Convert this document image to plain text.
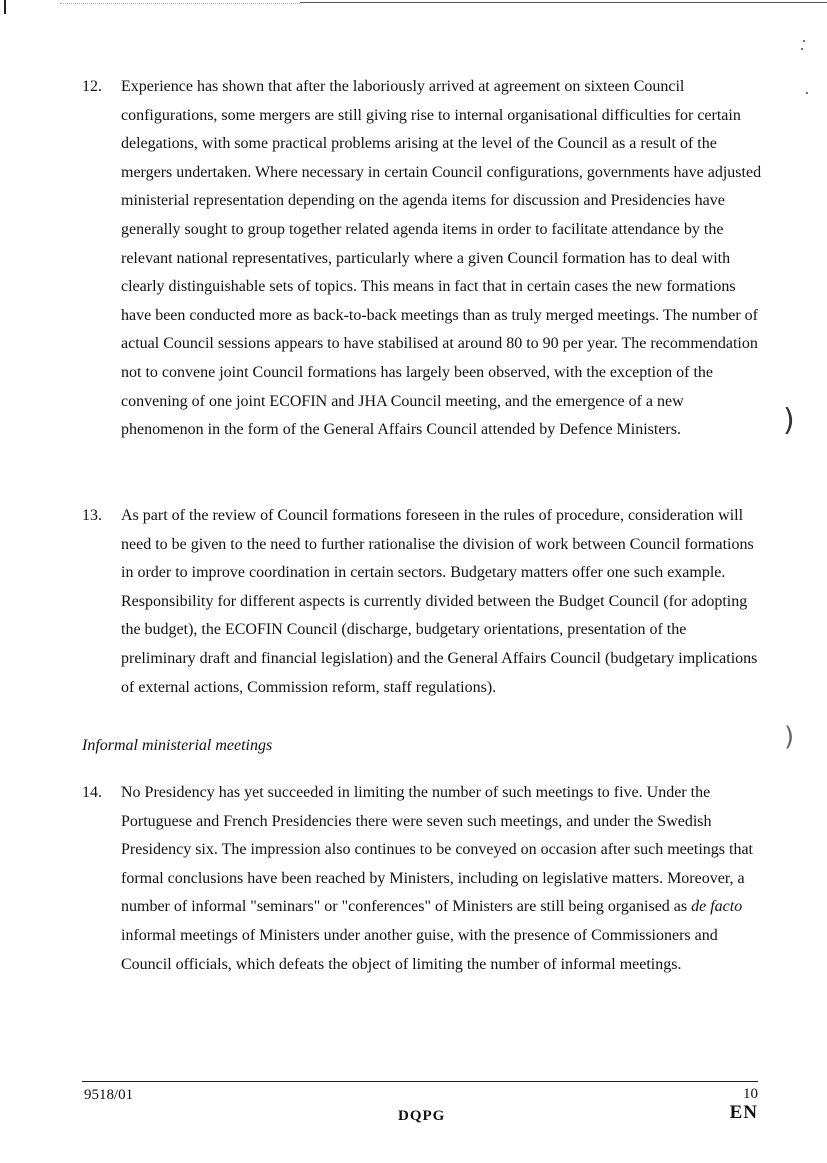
12.	Experience has shown that after the laboriously arrived at agreement on sixteen Council configurations, some mergers are still giving rise to internal organisational difficulties for certain delegations, with some practical problems arising at the level of the Council as a result of the mergers undertaken. Where necessary in certain Council configurations, governments have adjusted ministerial representation depending on the agenda items for discussion and Presidencies have generally sought to group together related agenda items in order to facilitate attendance by the relevant national representatives, particularly where a given Council formation has to deal with clearly distinguishable sets of topics. This means in fact that in certain cases the new formations have been conducted more as back-to-back meetings than as truly merged meetings. The number of actual Council sessions appears to have stabilised at around 80 to 90 per year. The recommendation not to convene joint Council formations has largely been observed, with the exception of the convening of one joint ECOFIN and JHA Council meeting, and the emergence of a new phenomenon in the form of the General Affairs Council attended by Defence Ministers.
13.	As part of the review of Council formations foreseen in the rules of procedure, consideration will need to be given to the need to further rationalise the division of work between Council formations in order to improve coordination in certain sectors. Budgetary matters offer one such example. Responsibility for different aspects is currently divided between the Budget Council (for adopting the budget), the ECOFIN Council (discharge, budgetary orientations, presentation of the preliminary draft and financial legislation) and the General Affairs Council (budgetary implications of external actions, Commission reform, staff regulations).
Informal ministerial meetings
14.	No Presidency has yet succeeded in limiting the number of such meetings to five. Under the Portuguese and French Presidencies there were seven such meetings, and under the Swedish Presidency six. The impression also continues to be conveyed on occasion after such meetings that formal conclusions have been reached by Ministers, including on legislative matters. Moreover, a number of informal "seminars" or "conferences" of Ministers are still being organised as de facto informal meetings of Ministers under another guise, with the presence of Commissioners and Council officials, which defeats the object of limiting the number of informal meetings.
)
)
9518/01	10
DQPG	EN
